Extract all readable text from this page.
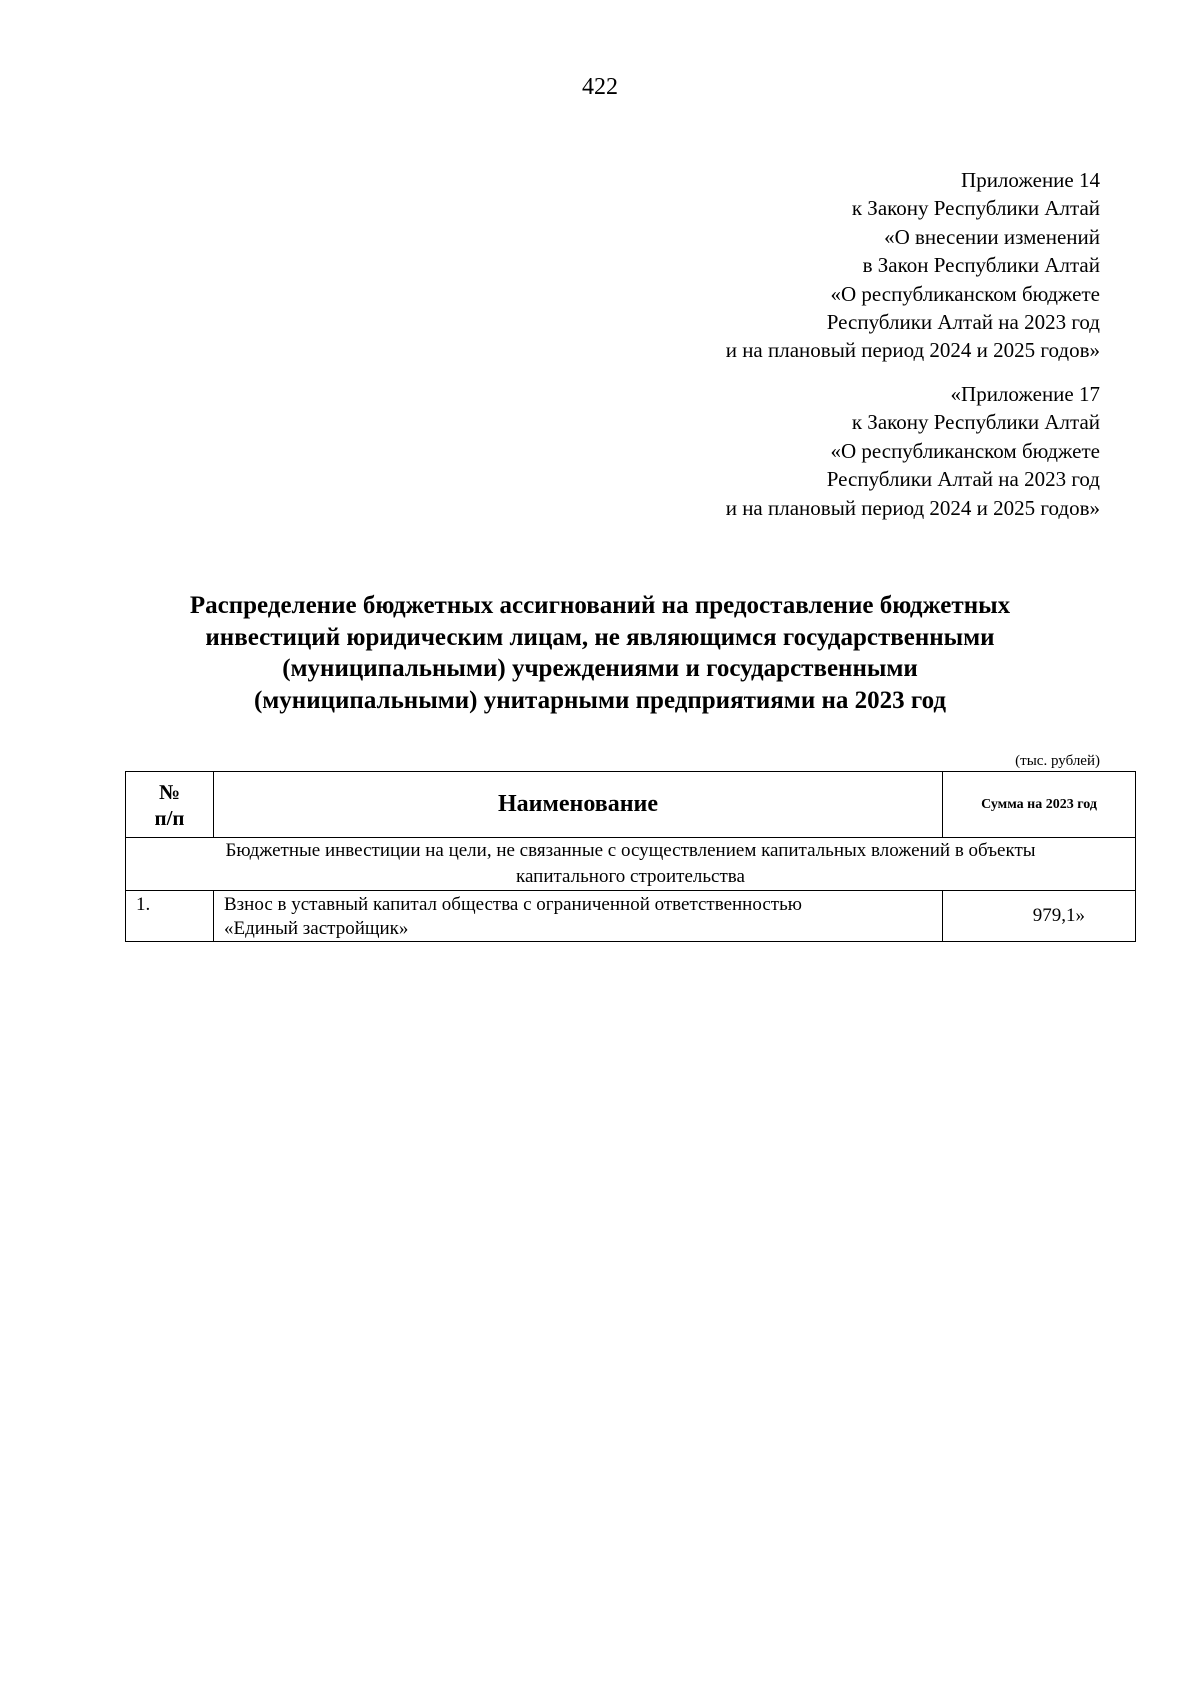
422
Приложение 14
к Закону Республики Алтай
«О внесении изменений
в Закон Республики Алтай
«О республиканском бюджете
Республики Алтай на 2023 год
и на плановый период 2024 и 2025 годов»
«Приложение 17
к Закону Республики Алтай
«О республиканском бюджете
Республики Алтай на 2023 год
и на плановый период 2024 и 2025 годов»
Распределение бюджетных ассигнований на предоставление бюджетных
инвестиций юридическим лицам, не являющимся государственными
(муниципальными) учреждениями и государственными
(муниципальными) унитарными предприятиями на 2023 год
(тыс. рублей)
№
п/п	Наименование	Сумма на 2023 год

Бюджетные инвестиции на цели, не связанные с осуществлением капитальных вложений в объекты
капитального строительства		

1.	Взнос в уставный капитал общества с ограниченной ответственностью
«Единый застройщик»	979,1»
